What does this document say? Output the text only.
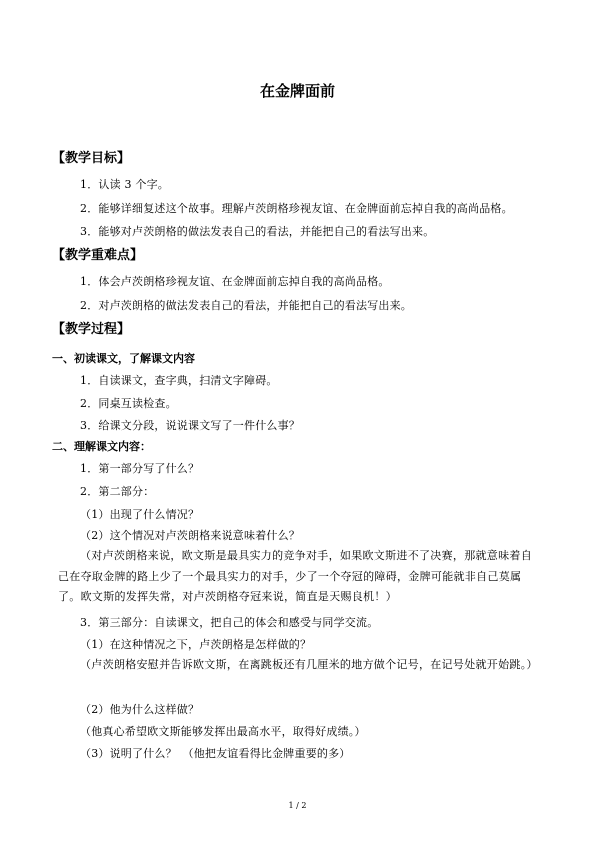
在金牌面前
【教学目标】
1．认读 3 个字。
2．能够详细复述这个故事。理解卢茨朗格珍视友谊、在金牌面前忘掉自我的高尚品格。
3．能够对卢茨朗格的做法发表自己的看法，并能把自己的看法写出来。
【教学重难点】
1．体会卢茨朗格珍视友谊、在金牌面前忘掉自我的高尚品格。
2．对卢茨朗格的做法发表自己的看法，并能把自己的看法写出来。
【教学过程】
一、初读课文，了解课文内容
1．自读课文，查字典，扫清文字障碍。
2．同桌互读检查。
3．给课文分段，说说课文写了一件什么事？
二、理解课文内容：
1．第一部分写了什么？
2．第二部分：
（1）出现了什么情况？
（2）这个情况对卢茨朗格来说意味着什么？
（对卢茨朗格来说，欧文斯是最具实力的竞争对手，如果欧文斯进不了决赛，那就意味着自己在夺取金牌的路上少了一个最具实力的对手，少了一个夺冠的障碍，金牌可能就非自己莫属了。欧文斯的发挥失常，对卢茨朗格夺冠来说，简直是天赐良机！）
3．第三部分：自读课文，把自己的体会和感受与同学交流。
（1）在这种情况之下，卢茨朗格是怎样做的？
（卢茨朗格安慰并告诉欧文斯，在离跳板还有几厘米的地方做个记号，在记号处就开始跳。）
（2）他为什么这样做？
（他真心希望欧文斯能够发挥出最高水平，取得好成绩。）
（3）说明了什么？　（他把友谊看得比金牌重要的多）
1 / 2
